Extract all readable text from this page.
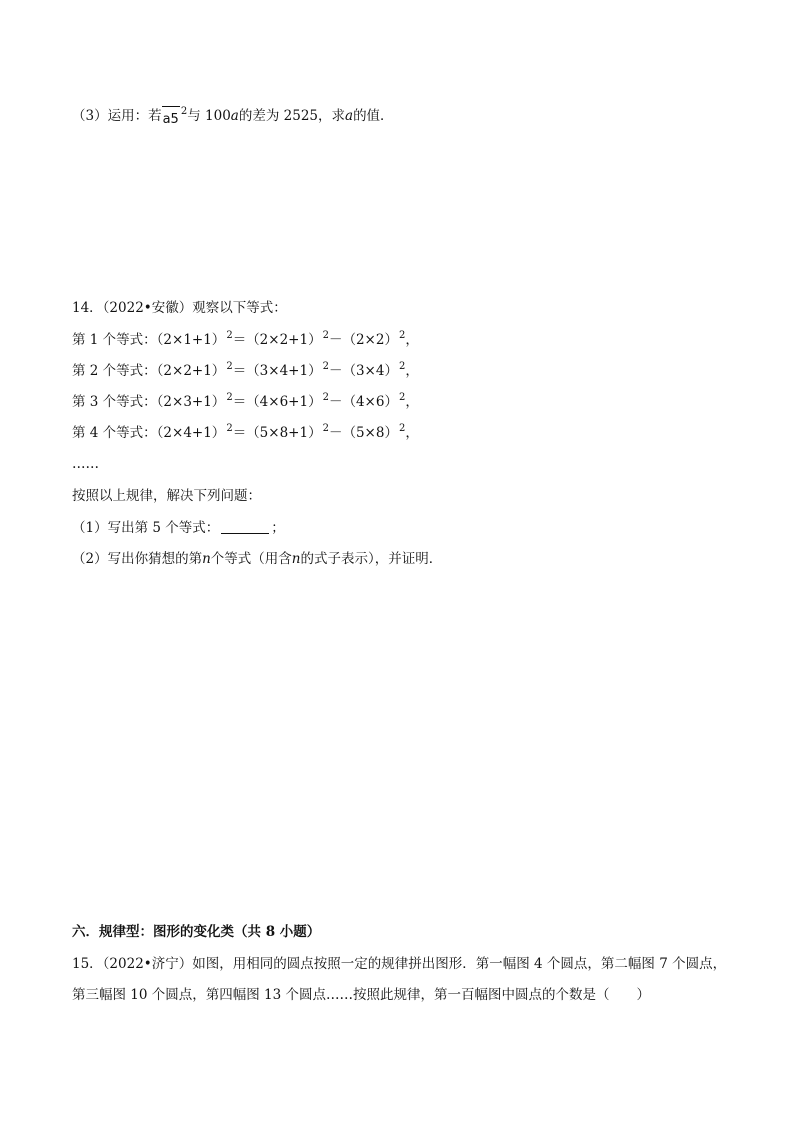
（3）运用：若
$a5^2$与 100a的差为 2525，求a的值．
14．（2022•安徽）观察以下等式：
第 1 个等式：$(2\times 1+1)^2=(2\times 2+1)^2-(2\times 2)^2$，
第 2 个等式：$(2\times 2+1)^2=(3\times 4+1)^2-(3\times 4)^2$，
第 3 个等式：$(2\times 3+1)^2=(4\times 6+1)^2-(4\times 6)^2$，
第 4 个等式：$(2\times 4+1)^2=(5\times 8+1)^2-(5\times 8)^2$，
……
按照以上规律，解决下列问题：
（1）写出第 5 个等式：	；
（2）写出你猜想的第n个等式（用含n的式子表示），并证明．
六．规律型：图形的变化类（共 8 小题）
15．（2022•济宁）如图，用相同的圆点按照一定的规律拼出图形．第一幅图 4 个圆点，第二幅图 7 个圆点，
第三幅图 10 个圆点，第四幅图 13 个圆点……按照此规律，第一百幅图中圆点的个数是（　　）
